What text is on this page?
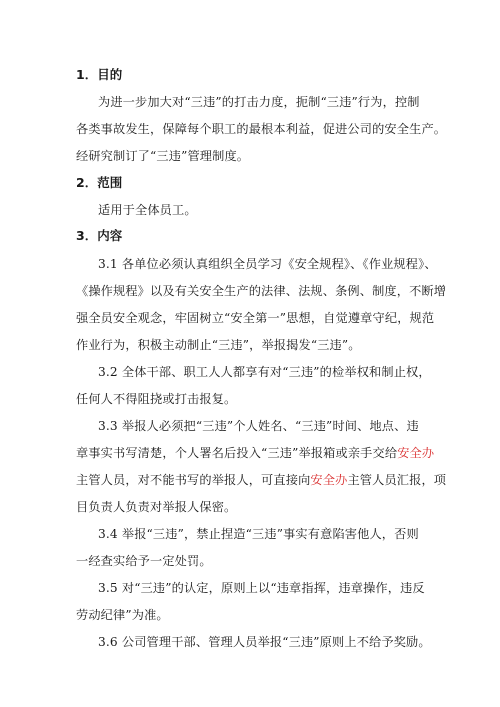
1．目的
为进一步加大对“三违”的打击力度，扼制“三违”行为，控制
各类事故发生，保障每个职工的最根本利益，促进公司的安全生产。
经研究制订了“三违”管理制度。
2．范围
适用于全体员工。
3．内容
3.1 各单位必须认真组织全员学习《安全规程》、《作业规程》、
《操作规程》以及有关安全生产的法律、法规、条例、制度，不断增
强全员安全观念，牢固树立“安全第一”思想，自觉遵章守纪，规范
作业行为，积极主动制止“三违”，举报揭发“三违”。
3.2 全体干部、职工人人都享有对“三违”的检举权和制止权，
任何人不得阻挠或打击报复。
3.3 举报人必须把“三违”个人姓名、“三违”时间、地点、违
章事实书写清楚，个人署名后投入“三违”举报箱或亲手交给安全办
主管人员，对不能书写的举报人，可直接向安全办主管人员汇报，项
目负责人负责对举报人保密。
3.4 举报“三违”，禁止捏造“三违”事实有意陷害他人，否则
一经查实给予一定处罚。
3.5 对“三违”的认定，原则上以“违章指挥，违章操作，违反
劳动纪律”为准。
3.6 公司管理干部、管理人员举报“三违”原则上不给予奖励。
